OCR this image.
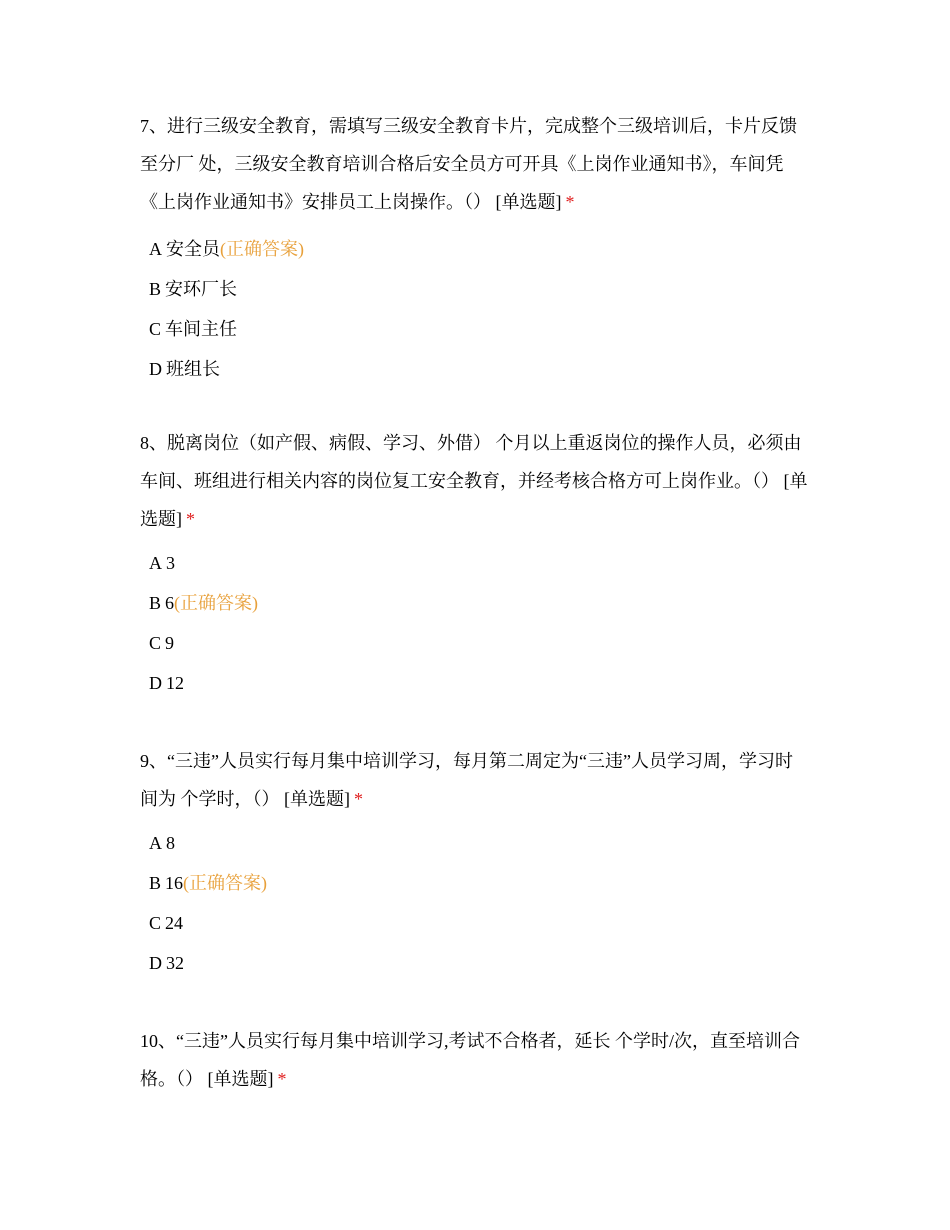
7、进行三级安全教育，需填写三级安全教育卡片，完成整个三级培训后，卡片反馈至分厂 处，三级安全教育培训合格后安全员方可开具《上岗作业通知书》，车间凭《上岗作业通知书》安排员工上岗操作。（） [单选题] *

A 安全员(正确答案)
B 安环厂长
C 车间主任
D 班组长

8、脱离岗位（如产假、病假、学习、外借） 个月以上重返岗位的操作人员，必须由车间、班组进行相关内容的岗位复工安全教育，并经考核合格方可上岗作业。（） [单选题] *

A 3
B 6(正确答案)
C 9
D 12

9、“三违”人员实行每月集中培训学习，每月第二周定为“三违”人员学习周，学习时间为 个学时，（） [单选题] *

A 8
B 16(正确答案)
C 24
D 32

10、“三违”人员实行每月集中培训学习,考试不合格者，延长 个学时/次，直至培训合格。（） [单选题] *
